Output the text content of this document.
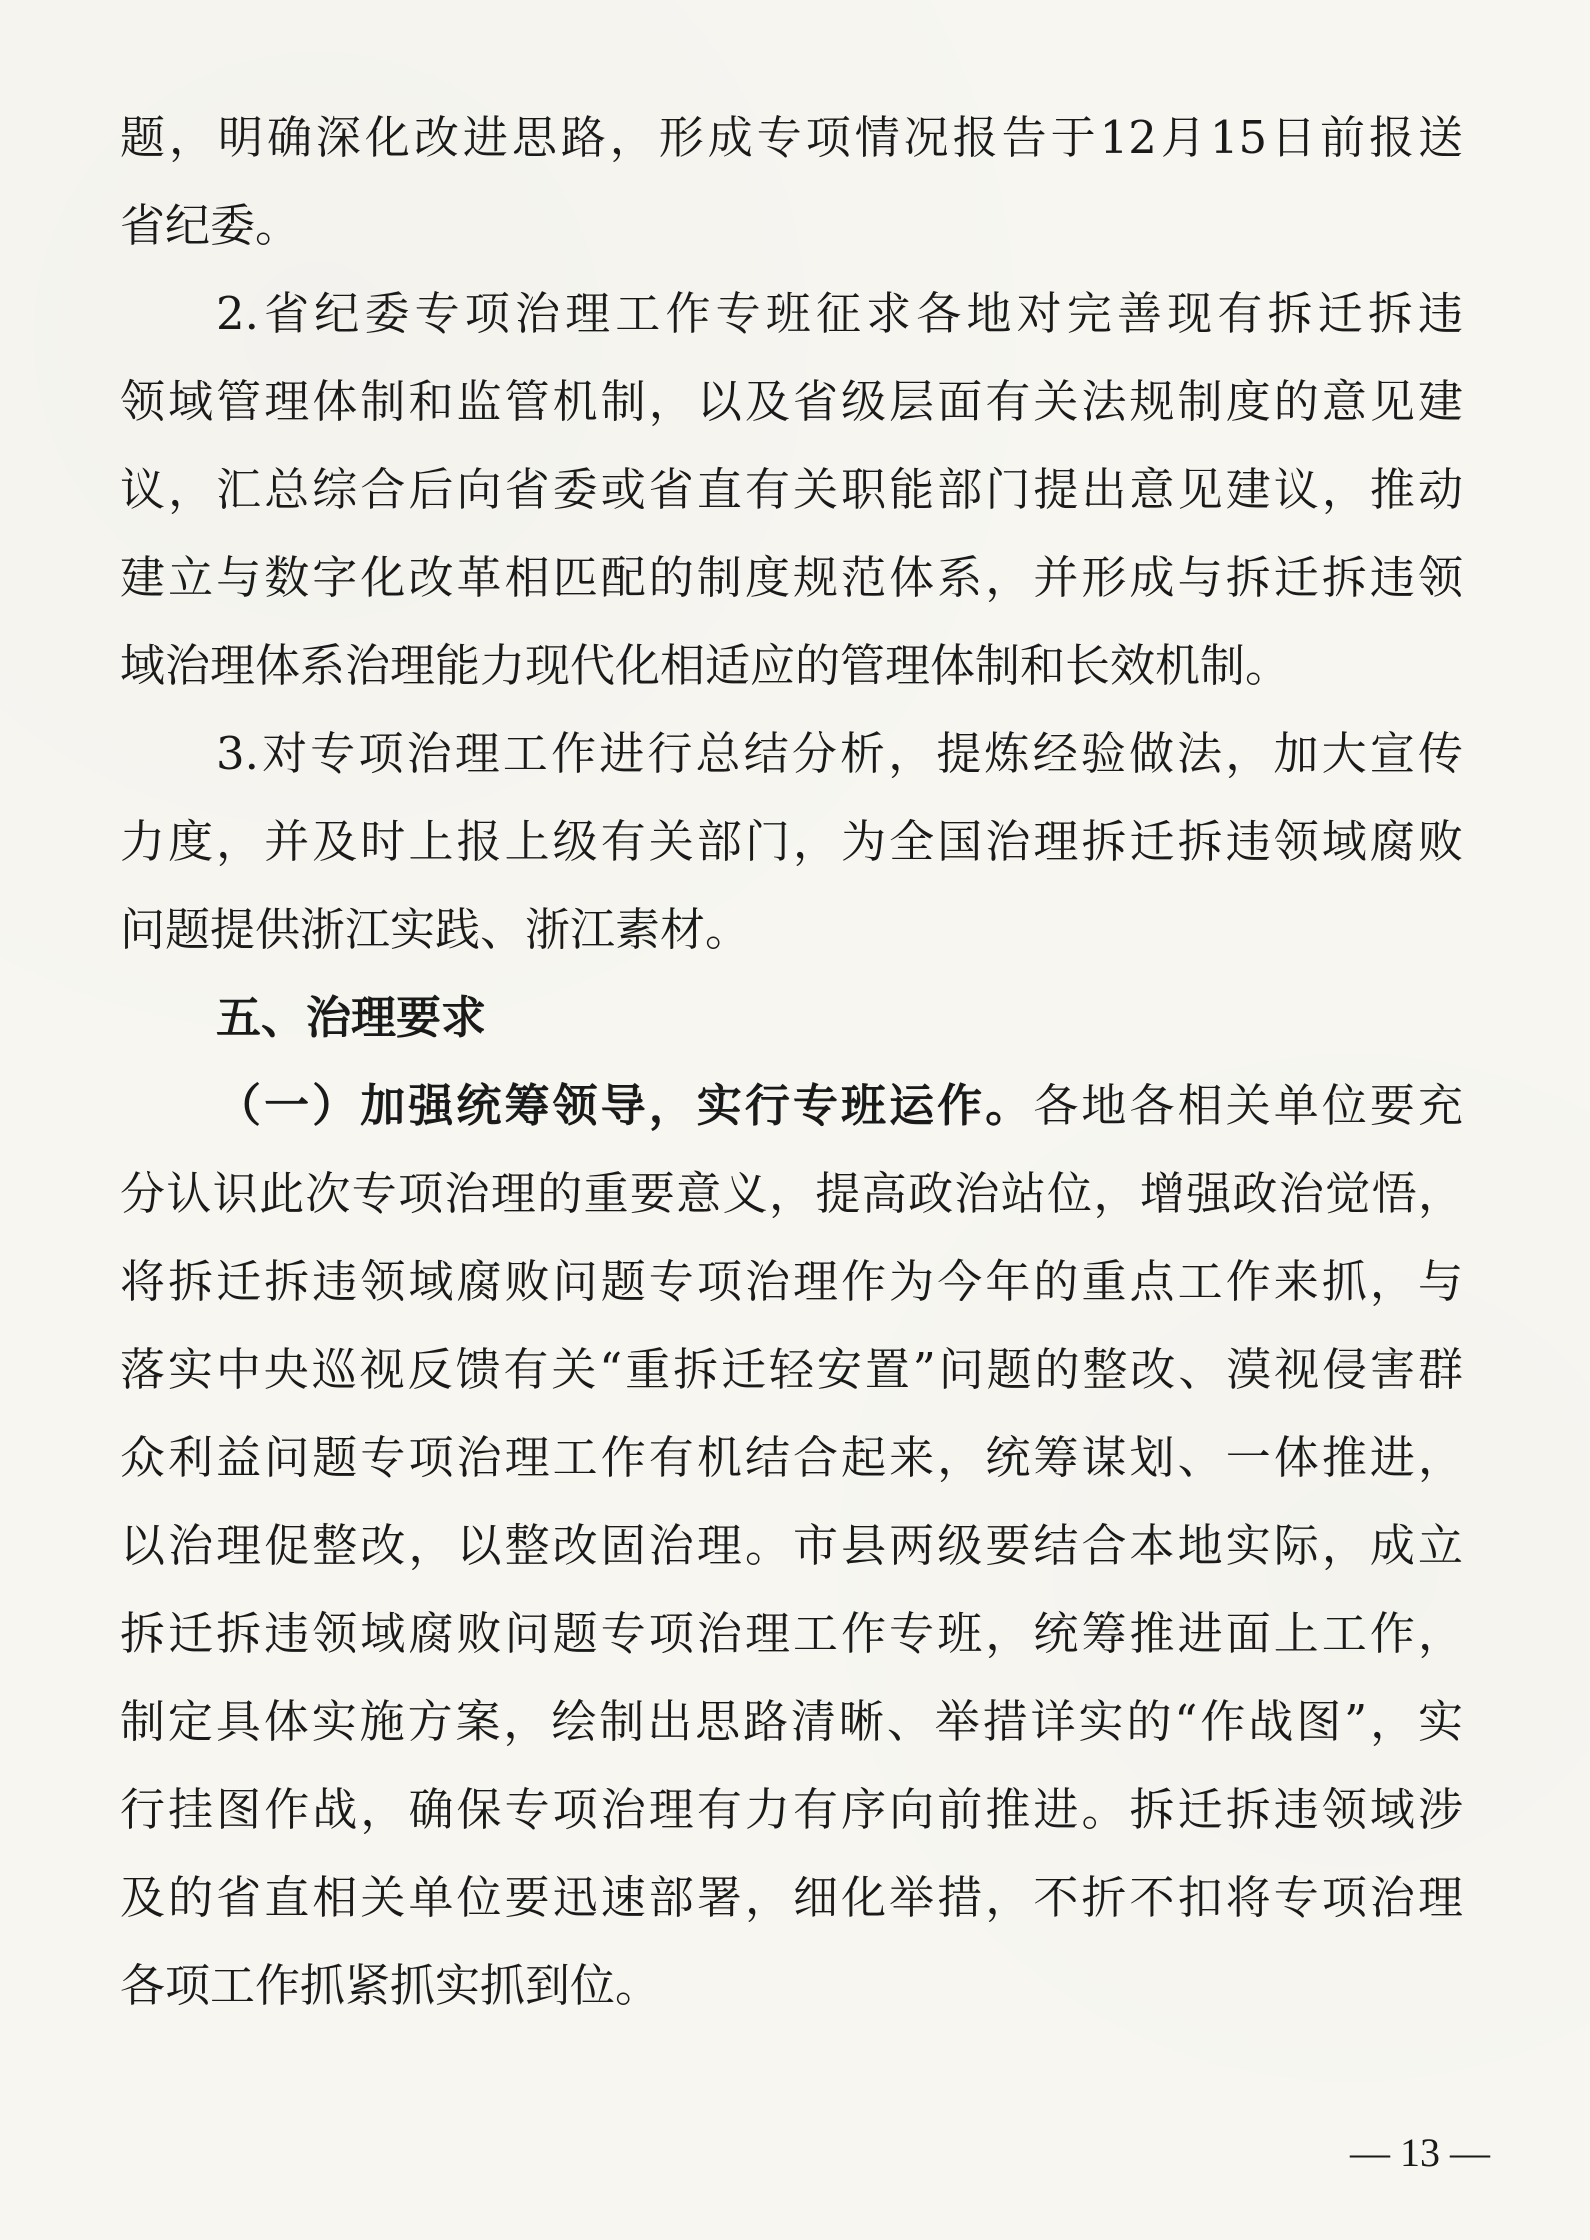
题，明确深化改进思路，形成专项情况报告于12月15日前报送
省纪委。
2.省纪委专项治理工作专班征求各地对完善现有拆迁拆违
领域管理体制和监管机制，以及省级层面有关法规制度的意见建
议，汇总综合后向省委或省直有关职能部门提出意见建议，推动
建立与数字化改革相匹配的制度规范体系，并形成与拆迁拆违领
域治理体系治理能力现代化相适应的管理体制和长效机制。
3.对专项治理工作进行总结分析，提炼经验做法，加大宣传
力度，并及时上报上级有关部门，为全国治理拆迁拆违领域腐败
问题提供浙江实践、浙江素材。
五、治理要求
（一）加强统筹领导，实行专班运作。各地各相关单位要充
分认识此次专项治理的重要意义，提高政治站位，增强政治觉悟，
将拆迁拆违领域腐败问题专项治理作为今年的重点工作来抓，与
落实中央巡视反馈有关“重拆迁轻安置”问题的整改、漠视侵害群
众利益问题专项治理工作有机结合起来，统筹谋划、一体推进，
以治理促整改，以整改固治理。市县两级要结合本地实际，成立
拆迁拆违领域腐败问题专项治理工作专班，统筹推进面上工作，
制定具体实施方案，绘制出思路清晰、举措详实的“作战图”，实
行挂图作战，确保专项治理有力有序向前推进。拆迁拆违领域涉
及的省直相关单位要迅速部署，细化举措，不折不扣将专项治理
各项工作抓紧抓实抓到位。
— 13 —
